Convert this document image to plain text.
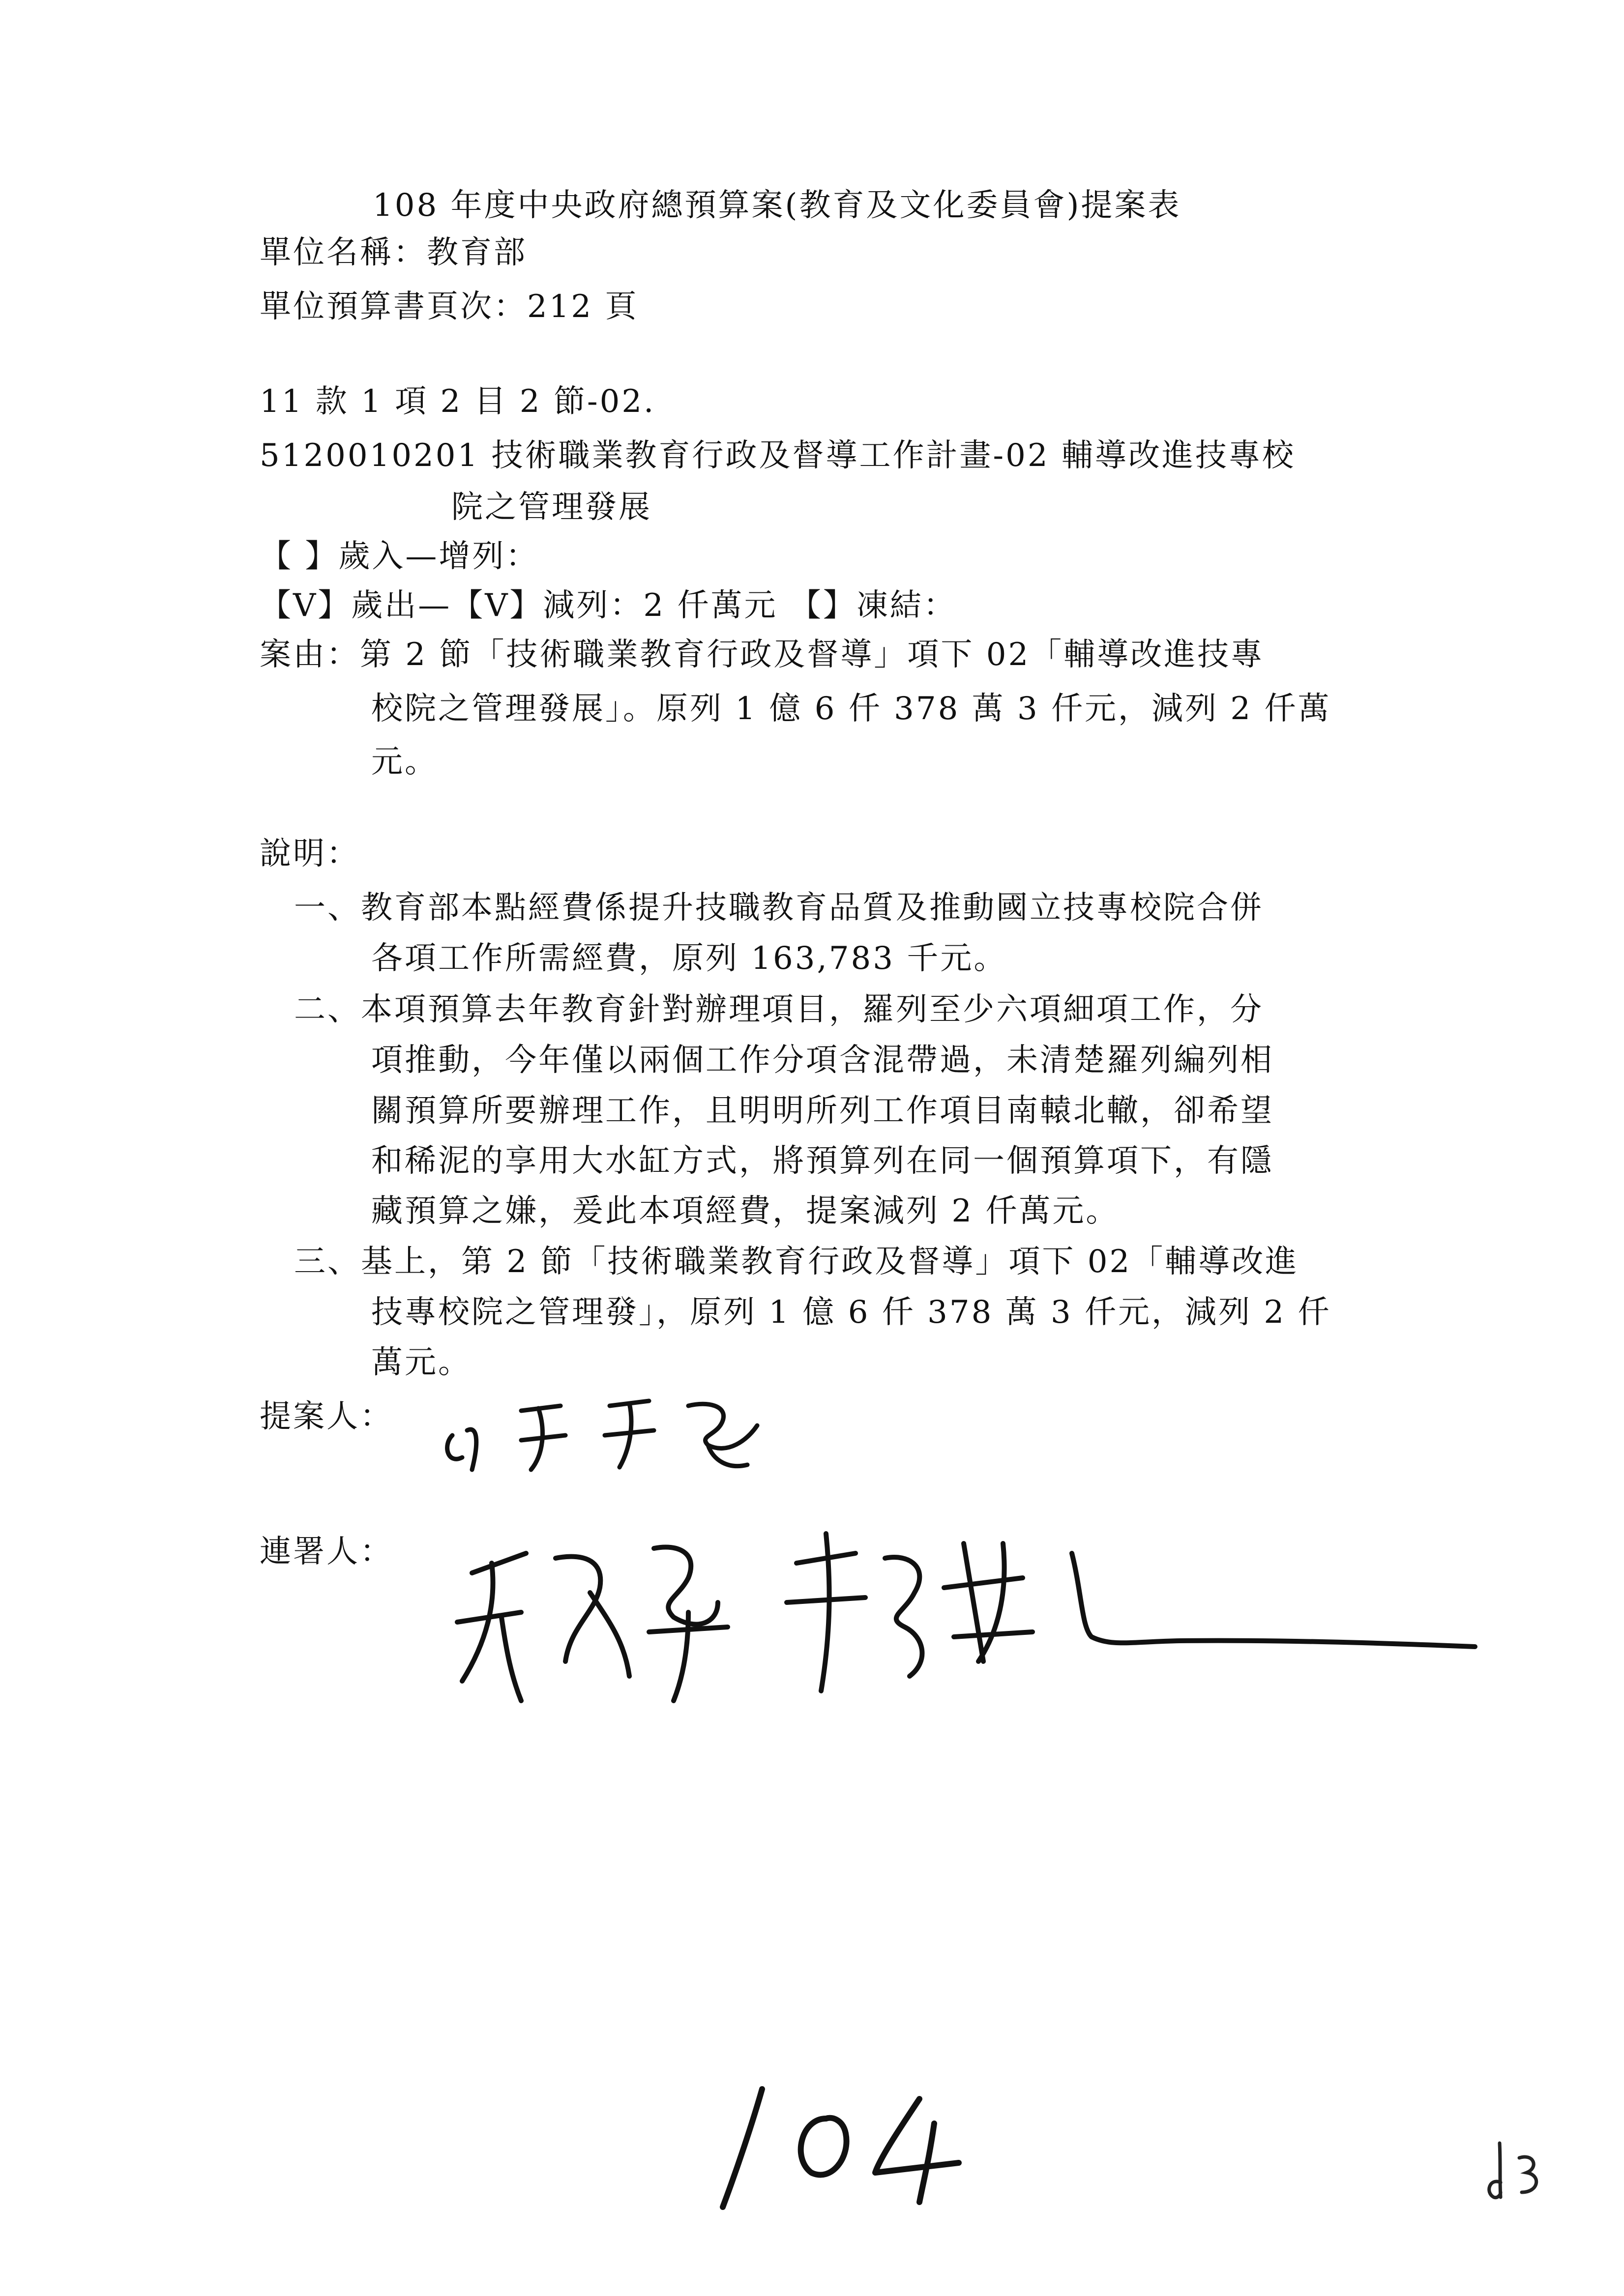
108 年度中央政府總預算案(教育及文化委員會)提案表
單位名稱：教育部
單位預算書頁次：212 頁
11 款 1 項 2 目 2 節-02.
5120010201 技術職業教育行政及督導工作計畫-02 輔導改進技專校
院之管理發展
【 】歲入—增列：
【V】歲出—【V】減列：2 仟萬元 【】凍結：
案由：第 2 節「技術職業教育行政及督導」項下 02「輔導改進技專
校院之管理發展」。原列 1 億 6 仟 378 萬 3 仟元，減列 2 仟萬
元。
說明：
一、教育部本點經費係提升技職教育品質及推動國立技專校院合併
各項工作所需經費，原列 163,783 千元。
二、本項預算去年教育針對辦理項目，羅列至少六項細項工作，分
項推動，今年僅以兩個工作分項含混帶過，未清楚羅列編列相
關預算所要辦理工作，且明明所列工作項目南轅北轍，卻希望
和稀泥的享用大水缸方式，將預算列在同一個預算項下，有隱
藏預算之嫌，爰此本項經費，提案減列 2 仟萬元。
三、基上，第 2 節「技術職業教育行政及督導」項下 02「輔導改進
技專校院之管理發」，原列 1 億 6 仟 378 萬 3 仟元，減列 2 仟
萬元。
提案人：
連署人：
